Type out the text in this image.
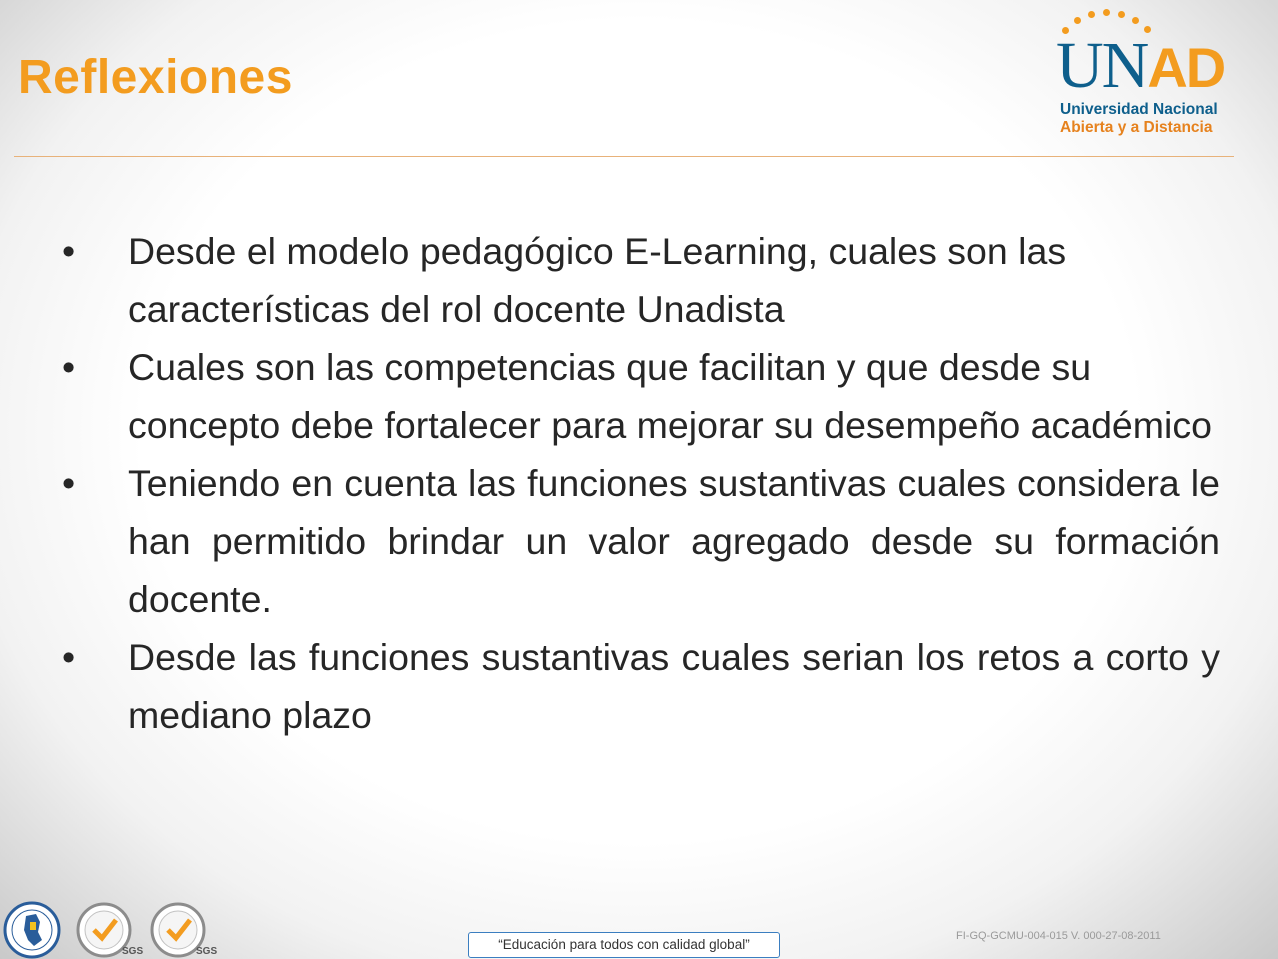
Reflexiones	UNAD
Universidad Nacional
Abierta y a Distancia
• Desde el modelo pedagógico E-Learning, cuales son las características del rol docente Unadista
• Cuales son las competencias que facilitan y que desde su concepto debe fortalecer para mejorar su desempeño académico
• Teniendo en cuenta las funciones sustantivas cuales considera le han permitido brindar un valor agregado desde su formación docente.
• Desde las funciones sustantivas cuales serian los retos a corto y mediano plazo
SGS	SGS	“Educación para todos con calidad global”
FI-GQ-GCMU-004-015 V. 000-27-08-2011
